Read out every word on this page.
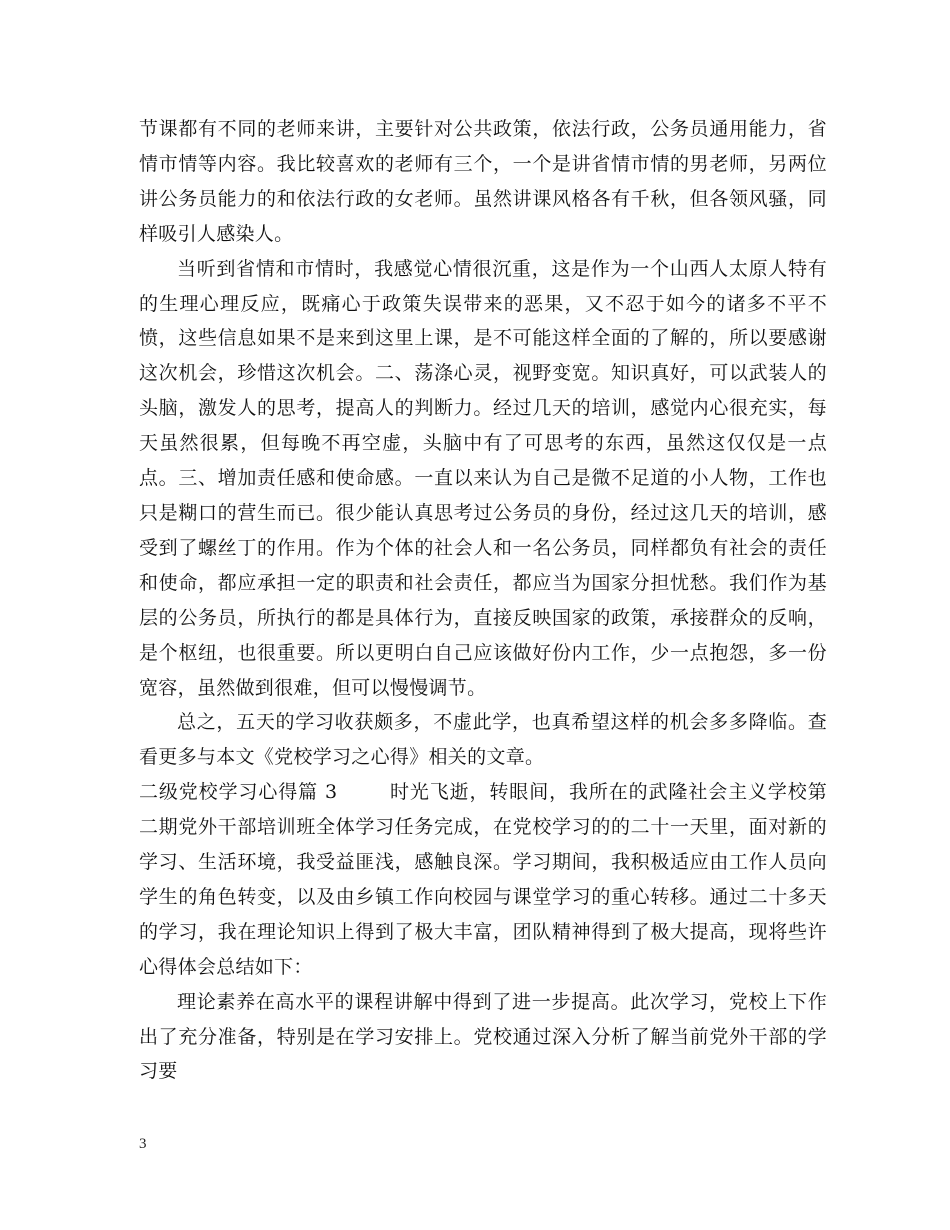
节课都有不同的老师来讲，主要针对公共政策，依法行政，公务员通用能力，省情市情等内容。我比较喜欢的老师有三个，一个是讲省情市情的男老师，另两位讲公务员能力的和依法行政的女老师。虽然讲课风格各有千秋，但各领风骚，同样吸引人感染人。

当听到省情和市情时，我感觉心情很沉重，这是作为一个山西人太原人特有的生理心理反应，既痛心于政策失误带来的恶果，又不忍于如今的诸多不平不愤，这些信息如果不是来到这里上课，是不可能这样全面的了解的，所以要感谢这次机会，珍惜这次机会。二、荡涤心灵，视野变宽。知识真好，可以武装人的头脑，激发人的思考，提高人的判断力。经过几天的培训，感觉内心很充实，每天虽然很累，但每晚不再空虚，头脑中有了可思考的东西，虽然这仅仅是一点点。三、增加责任感和使命感。一直以来认为自己是微不足道的小人物，工作也只是糊口的营生而已。很少能认真思考过公务员的身份，经过这几天的培训，感受到了螺丝丁的作用。作为个体的社会人和一名公务员，同样都负有社会的责任和使命，都应承担一定的职责和社会责任，都应当为国家分担忧愁。我们作为基层的公务员，所执行的都是具体行为，直接反映国家的政策，承接群众的反响，是个枢纽，也很重要。所以更明白自己应该做好份内工作，少一点抱怨，多一份宽容，虽然做到很难，但可以慢慢调节。

总之，五天的学习收获颇多，不虚此学，也真希望这样的机会多多降临。查看更多与本文《党校学习之心得》相关的文章。

二级党校学习心得篇 3	时光飞逝，转眼间，我所在的武隆社会主义学校第二期党外干部培训班全体学习任务完成，在党校学习的的二十一天里，面对新的学习、生活环境，我受益匪浅，感触良深。学习期间，我积极适应由工作人员向学生的角色转变，以及由乡镇工作向校园与课堂学习的重心转移。通过二十多天的学习，我在理论知识上得到了极大丰富，团队精神得到了极大提高，现将些许心得体会总结如下：

理论素养在高水平的课程讲解中得到了进一步提高。此次学习，党校上下作出了充分准备，特别是在学习安排上。党校通过深入分析了解当前党外干部的学习要

3
